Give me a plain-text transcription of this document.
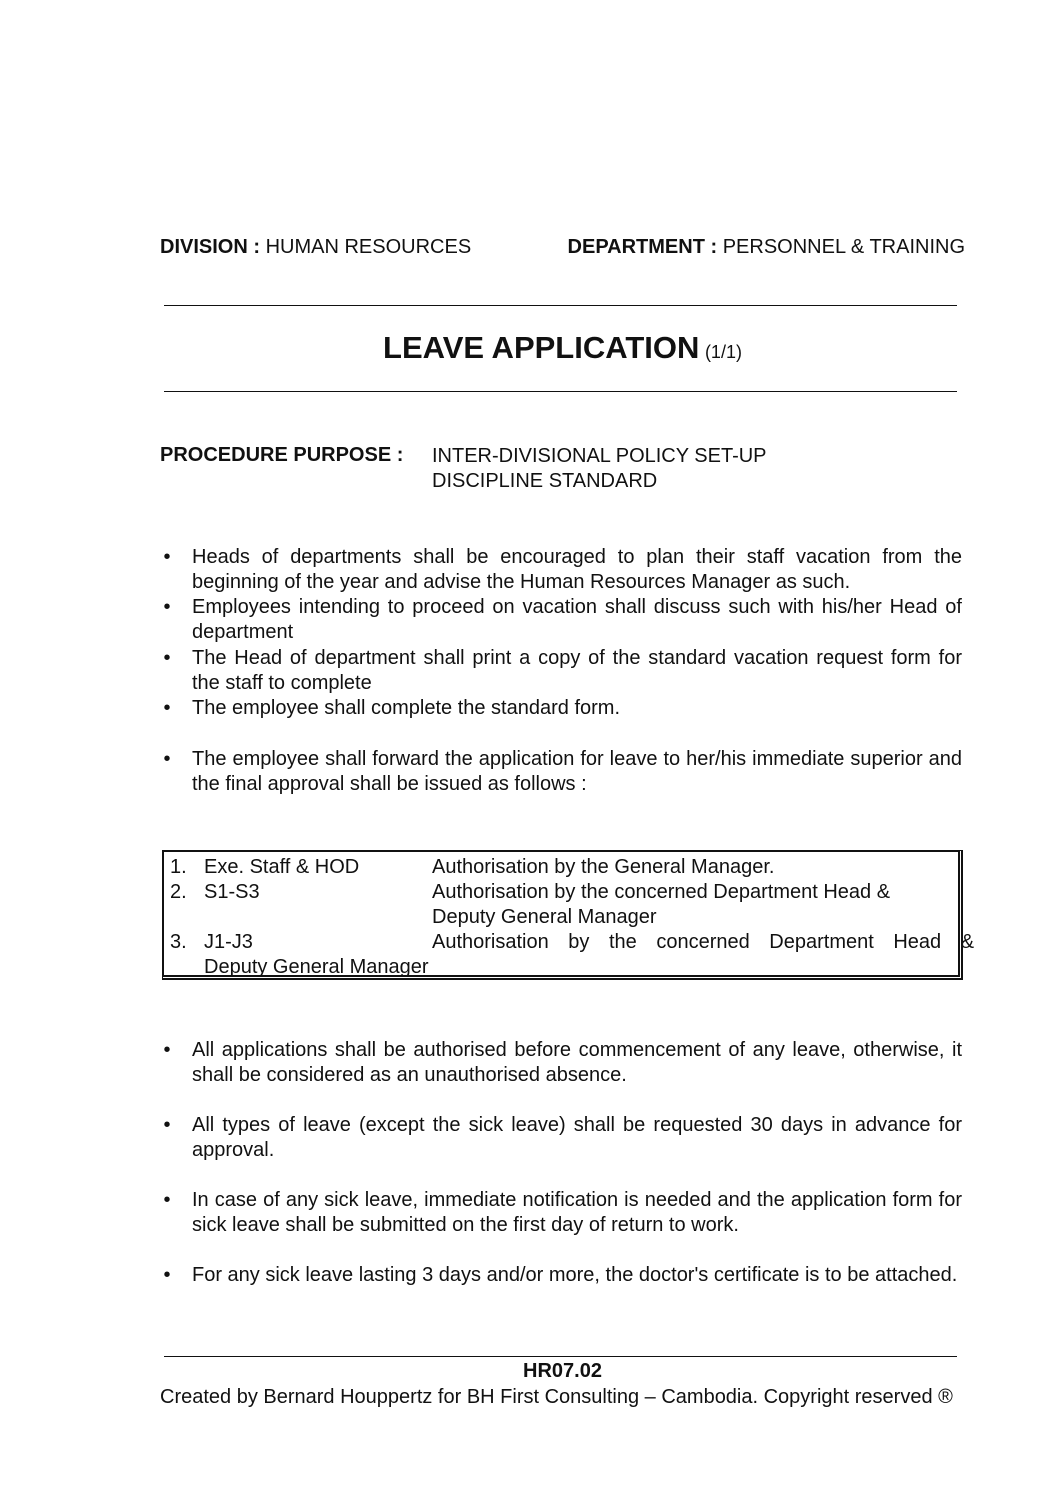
DIVISION : HUMAN RESOURCES	DEPARTMENT : PERSONNEL & TRAINING
LEAVE APPLICATION (1/1)
PROCEDURE PURPOSE : INTER-DIVISIONAL POLICY SET-UP
DISCIPLINE STANDARD
• Heads of departments shall be encouraged to plan their staff vacation from the beginning of the year and advise the Human Resources Manager as such.
• Employees intending to proceed on vacation shall discuss such with his/her Head of department
• The Head of department shall print a copy of the standard vacation request form for the staff to complete
• The employee shall complete the standard form.
• The employee shall forward the application for leave to her/his immediate superior and the final approval shall be issued as follows :
1. Exe. Staff & HOD	Authorisation by the General Manager.
2. S1-S3	Authorisation by the concerned Department Head &
Deputy General Manager
3. J1-J3	Authorisation by the concerned Department Head &
Deputy General Manager
• All applications shall be authorised before commencement of any leave, otherwise, it shall be considered as an unauthorised absence.
• All types of leave (except the sick leave) shall be requested 30 days in advance for approval.
• In case of any sick leave, immediate notification is needed and the application form for sick leave shall be submitted on the first day of return to work.
• For any sick leave lasting 3 days and/or more, the doctor's certificate is to be attached.
HR07.02
Created by Bernard Houppertz for BH First Consulting – Cambodia. Copyright reserved ®
